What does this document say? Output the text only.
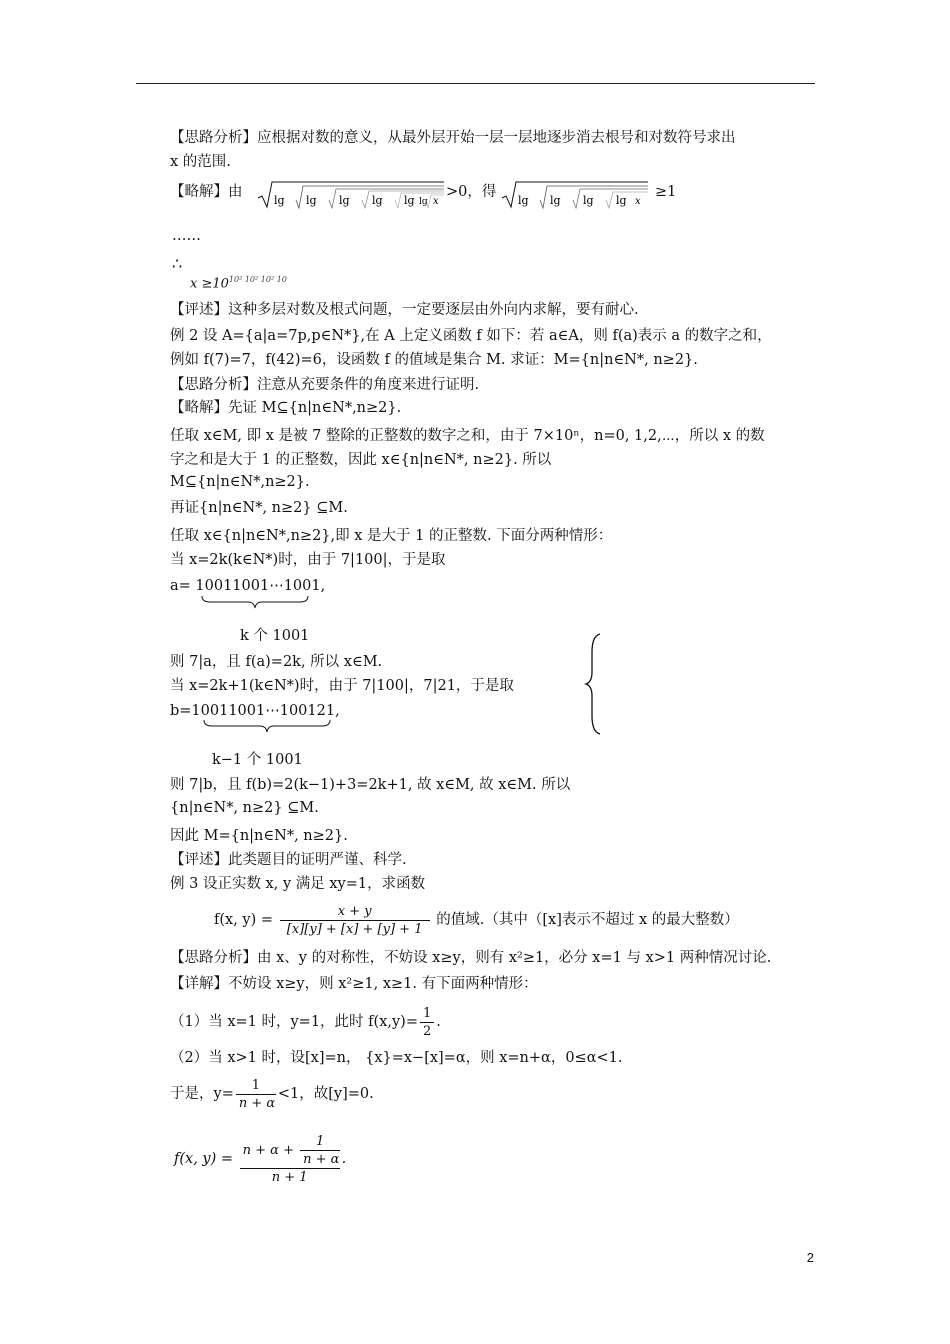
【思路分析】应根据对数的意义，从最外层开始一层一层地逐步消去根号和对数符号求出
x 的范围.
【略解】由
lg lg lg lg lg lg x
>0，得
lg lg lg lg x
≥1
……
∴
$x \ge 10^{10^2 10^2 10^2 10}$
【评述】这种多层对数及根式问题，一定要逐层由外向内求解，要有耐心.
例 2 设 A={a|a=7p,p∈N*},在 A 上定义函数 f 如下：若 a∈A，则 f(a)表示 a 的数字之和，
例如 f(7)=7，f(42)=6，设函数 f 的值域是集合 M. 求证：M={n|n∈N*, n≥2}.
【思路分析】注意从充要条件的角度来进行证明.
【略解】先证 M⊆{n|n∈N*,n≥2}.
任取 x∈M, 即 x 是被 7 整除的正整数的数字之和，由于 7×10ⁿ，n=0, 1,2,⋯，所以 x 的数
字之和是大于 1 的正整数，因此 x∈{n|n∈N*, n≥2}. 所以
M⊆{n|n∈N*,n≥2}.
再证{n|n∈N*, n≥2} ⊆M.
任取 x∈{n|n∈N*,n≥2},即 x 是大于 1 的正整数. 下面分两种情形：
当 x=2k(k∈N*)时，由于 7|100|，于是取
a= 10011001⋯1001,
k 个 1001
则 7|a，且 f(a)=2k, 所以 x∈M.
当 x=2k+1(k∈N*)时，由于 7|100|，7|21，于是取
b=10011001⋯100121,
k−1 个 1001
则 7|b，且 f(b)=2(k−1)+3=2k+1, 故 x∈M, 故 x∈M. 所以
{n|n∈N*, n≥2} ⊆M.
因此 M={n|n∈N*, n≥2}.
【评述】此类题目的证明严谨、科学.
例 3 设正实数 x, y 满足 xy=1，求函数
f(x, $y) = \frac{x + y}{[x][y] + [x] + [y] + 1}$ 的值域.（其中（[x]表示不超过 x 的最大整数）
【思路分析】由 x、y 的对称性，不妨设 x≥y，则有 x²≥1，必分 x=1 与 x>1 两种情况讨论.
【详解】不妨设 x≥y，则 x²≥1, x≥1. 有下面两种情形：
（1）当 x=1 时，y=1，此时 $f(x,y)= \frac{1}{2}$ .
（2）当 x>1 时，设[x]=n， {x}=x−[x]=α，则 x=n+α，0≤α<1.
于是，$y= \frac{1}{n + \alpha} <1$，故[y]=0.
f(x, $y) = \frac{n + \alpha + \frac{1}{n + \alpha}}{n + 1}$ .
2
